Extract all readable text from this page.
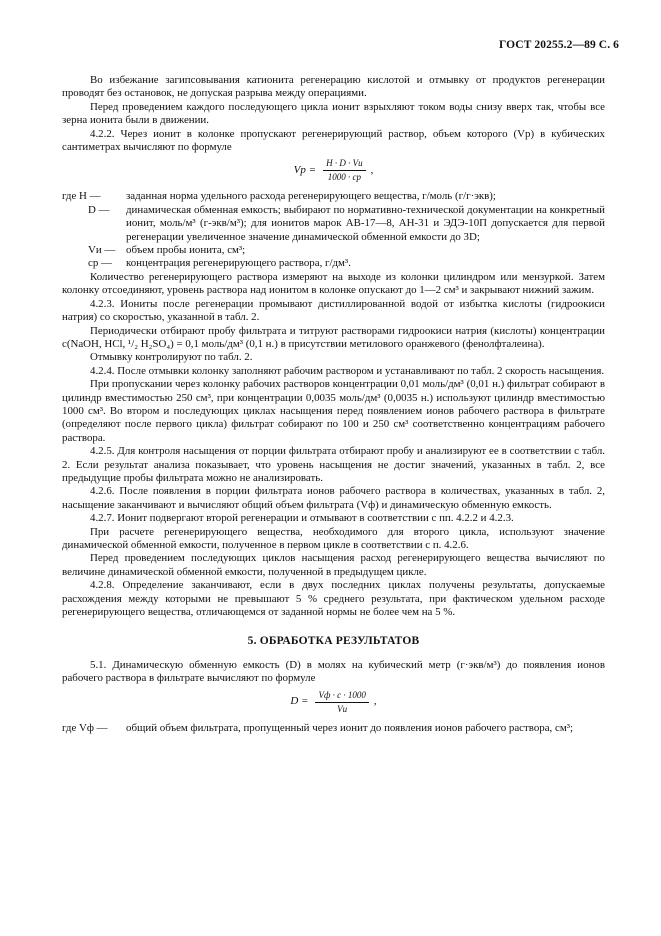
ГОСТ 20255.2—89 С. 6

Во избежание загипсовывания катионита регенерацию кислотой и отмывку от продуктов регенерации проводят без остановок, не допуская разрыва между операциями.

Перед проведением каждого последующего цикла ионит взрыхляют током воды снизу вверх так, чтобы все зерна ионита были в движении.

4.2.2. Через ионит в колонке пропускают регенерирующий раствор, объем которого (Vр) в кубических сантиметрах вычисляют по формуле

Vр = $\frac{H \cdot D \cdot Vи}{1000 \cdot cр}$ ,
где H —	заданная норма удельного расхода регенерирующего вещества, г/моль (г/г·экв);
D —	динамическая обменная емкость; выбирают по нормативно-технической документации на конкретный ионит, моль/м³ (г-экв/м³); для ионитов марок АВ-17—8, АН-31 и ЭДЭ-10П допускается для первой регенерации увеличенное значение динамической обменной емкости до 3D;
Vи — объем пробы ионита, см³;
cр —	концентрация регенерирующего раствора, г/дм³.

Количество регенерирующего раствора измеряют на выходе из колонки цилиндром или мензуркой. Затем колонку отсоединяют, уровень раствора над ионитом в колонке опускают до 1—2 см³ и закрывают нижний зажим.

4.2.3. Иониты после регенерации промывают дистиллированной водой от избытка кислоты (гидроокиси натрия) со скоростью, указанной в табл. 2.

Периодически отбирают пробу фильтрата и титруют растворами гидроокиси натрия (кислоты) концентрации c(NaOH, HCl, ¹/₂ H₂SO₄) = 0,1 моль/дм³ (0,1 н.) в присутствии метилового оранжевого (фенолфталеина).

Отмывку контролируют по табл. 2.

4.2.4. После отмывки колонку заполняют рабочим раствором и устанавливают по табл. 2 скорость насыщения.

При пропускании через колонку рабочих растворов концентрации 0,01 моль/дм³ (0,01 н.) фильтрат собирают в цилиндр вместимостью 250 см³, при концентрации 0,0035 моль/дм³ (0,0035 н.) используют цилиндр вместимостью 1000 см³. Во втором и последующих циклах насыщения перед появлением ионов рабочего раствора в фильтрате (определяют после первого цикла) фильтрат собирают по 100 и 250 см³ соответственно концентрациям рабочего раствора.

4.2.5. Для контроля насыщения от порции фильтрата отбирают пробу и анализируют ее в соответствии с табл. 2. Если результат анализа показывает, что уровень насыщения не достиг значений, указанных в табл. 2, все предыдущие пробы фильтрата можно не анализировать.

4.2.6. После появления в порции фильтрата ионов рабочего раствора в количествах, указанных в табл. 2, насыщение заканчивают и вычисляют общий объем фильтрата (Vф) и динамическую обменную емкость.

4.2.7. Ионит подвергают второй регенерации и отмывают в соответствии с пп. 4.2.2 и 4.2.3.

При расчете регенерирующего вещества, необходимого для второго цикла, используют значение динамической обменной емкости, полученное в первом цикле в соответствии с п. 4.2.6.

Перед проведением последующих циклов насыщения расход регенерирующего вещества вычисляют по величине динамической обменной емкости, полученной в предыдущем цикле.

4.2.8. Определение заканчивают, если в двух последних циклах получены результаты, допускаемые расхождения между которыми не превышают 5 % среднего результата, при фактическом удельном расходе регенерирующего вещества, отличающемся от заданной нормы не более чем на 5 %.

5. ОБРАБОТКА РЕЗУЛЬТАТОВ

5.1. Динамическую обменную емкость (D) в молях на кубический метр (г·экв/м³) до появления ионов рабочего раствора в фильтрате вычисляют по формуле

$D = \frac{Vф \cdot c \cdot 1000}{Vи}$ ,
где Vф —	общий объем фильтрата, пропущенный через ионит до появления ионов рабочего раствора, см³;
